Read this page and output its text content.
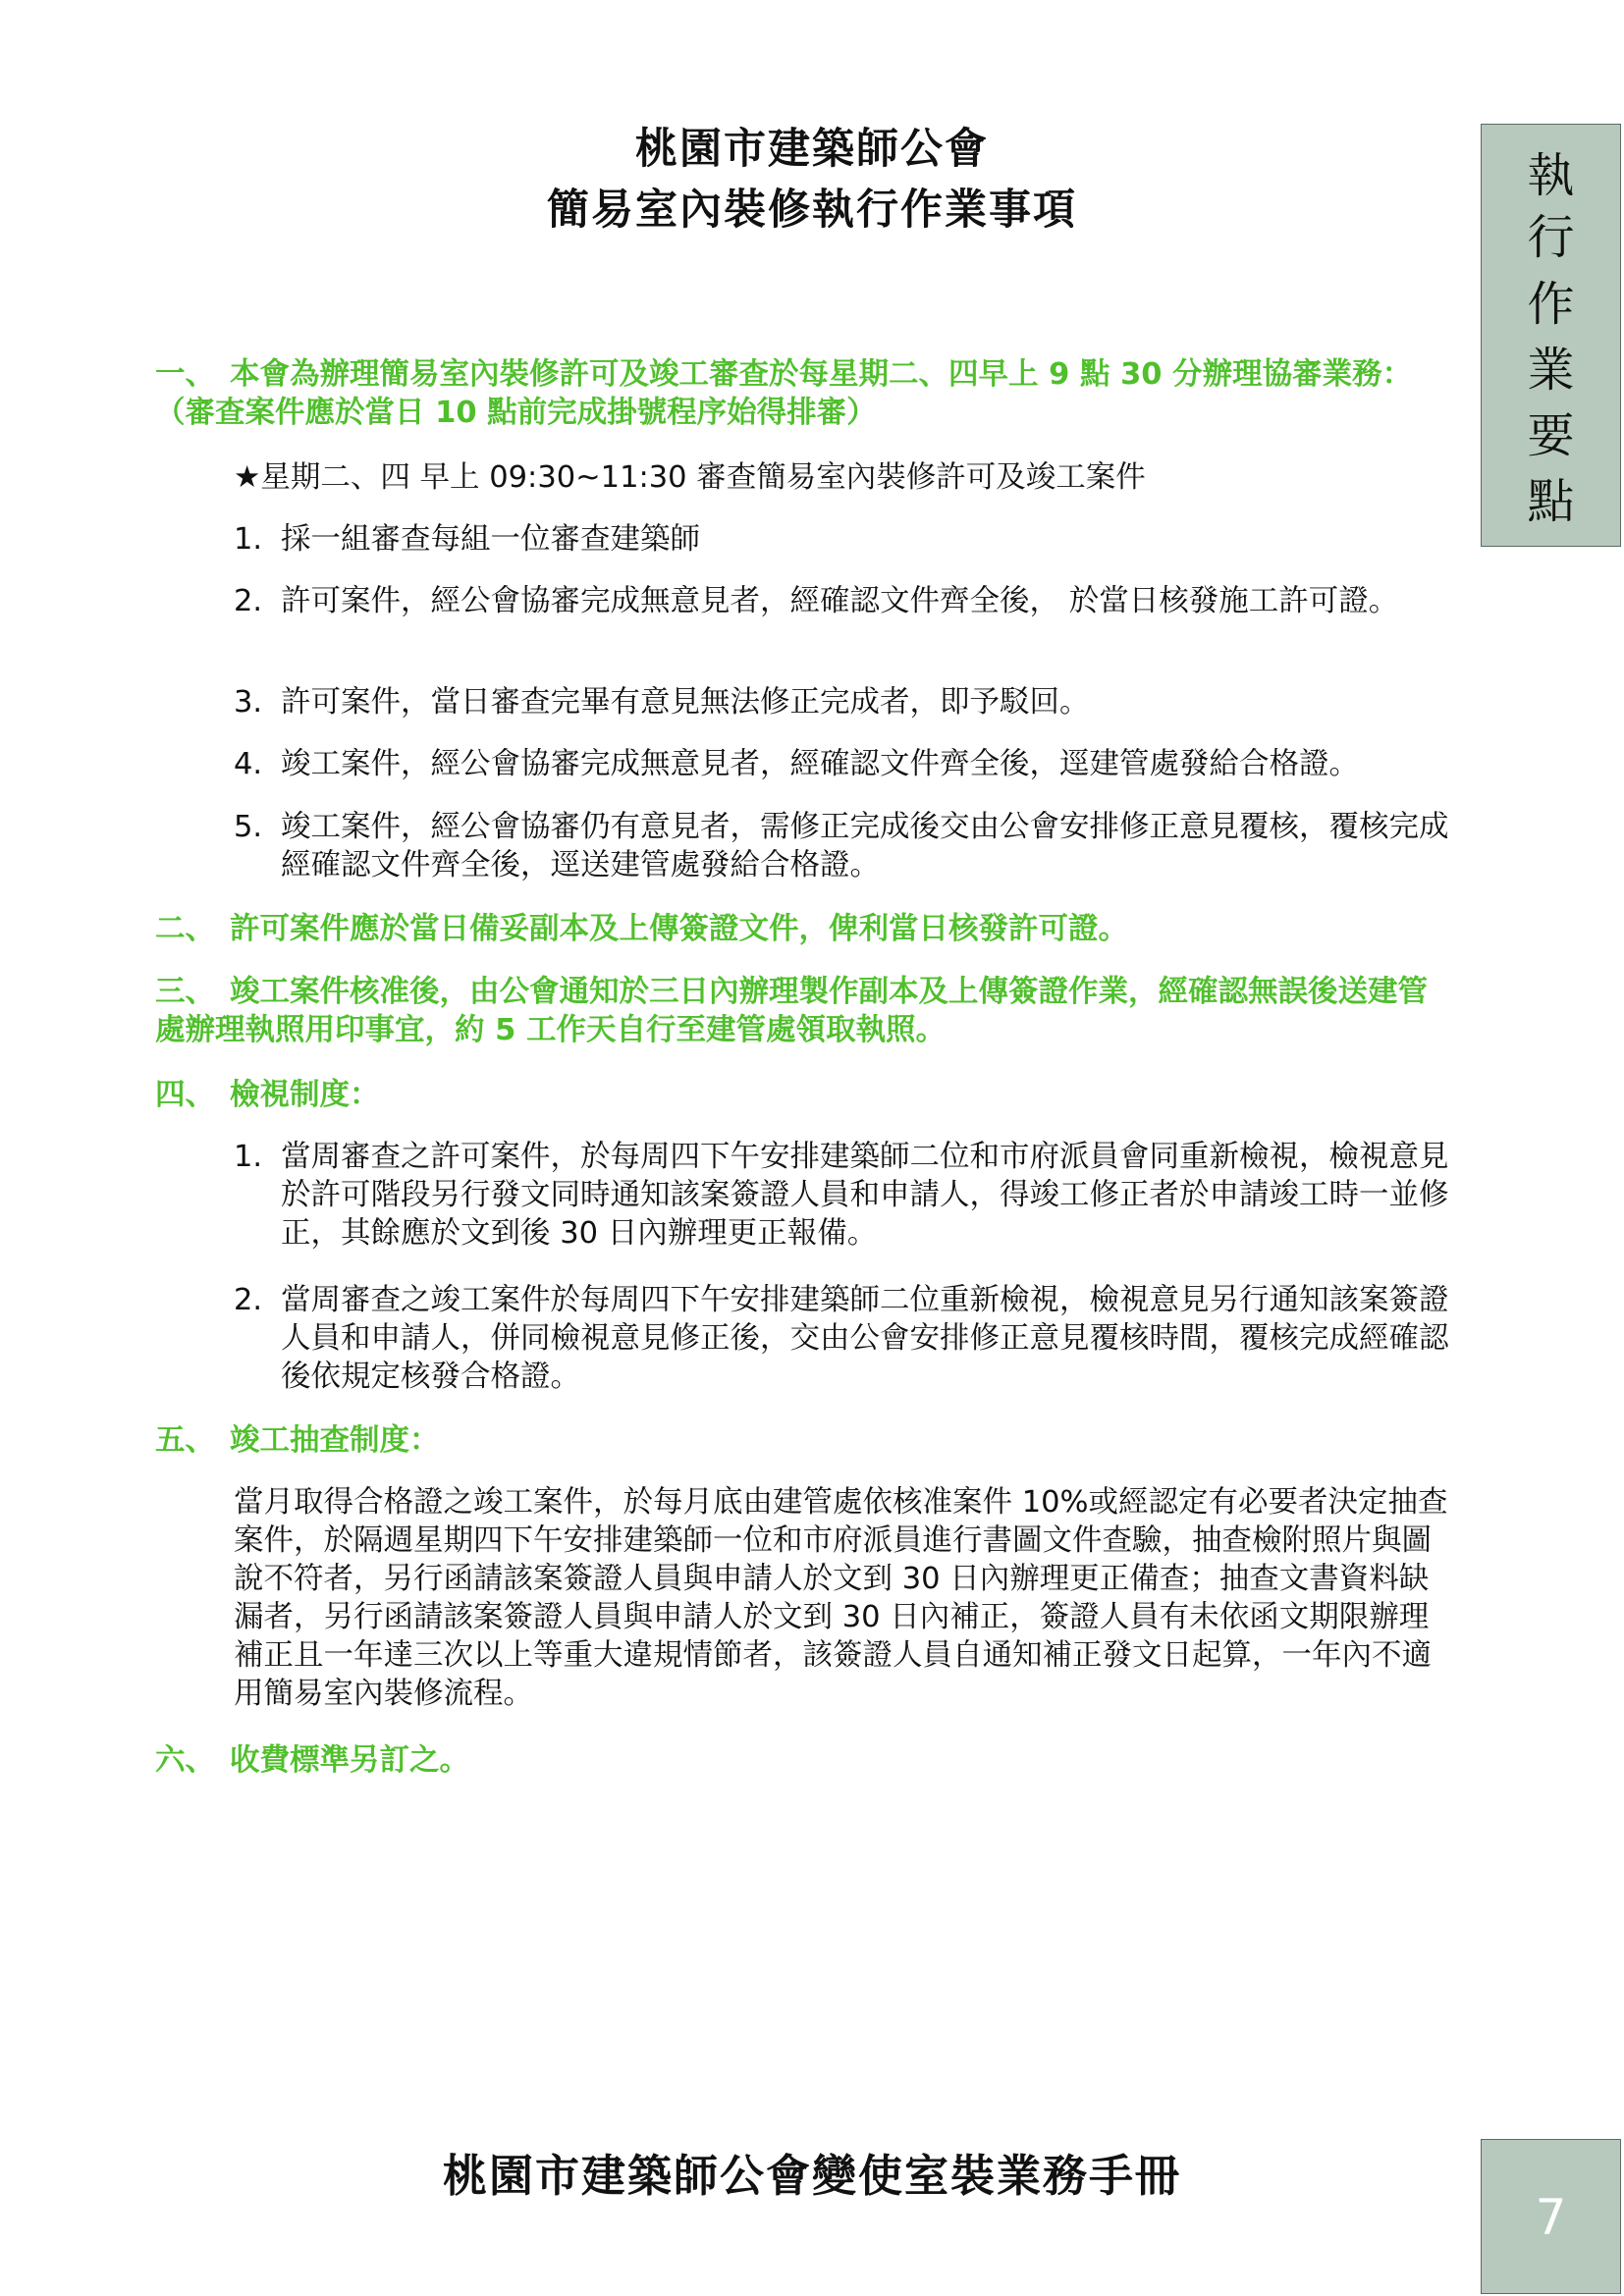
桃園市建築師公會
簡易室內裝修執行作業事項
執
行
作
業
要
點
一、 本會為辦理簡易室內裝修許可及竣工審查於每星期二、四早上 9 點 30 分辦理協審業務：（審查案件應於當日 10 點前完成掛號程序始得排審）
★星期二、四 早上 09:30~11:30 審查簡易室內裝修許可及竣工案件
1. 採一組審查每組一位審查建築師
2. 許可案件，經公會協審完成無意見者，經確認文件齊全後， 於當日核發施工許可證。
3. 許可案件，當日審查完畢有意見無法修正完成者，即予駁回。
4. 竣工案件，經公會協審完成無意見者，經確認文件齊全後，逕建管處發給合格證。
5. 竣工案件，經公會協審仍有意見者，需修正完成後交由公會安排修正意見覆核，覆核完成經確認文件齊全後，逕送建管處發給合格證。
二、 許可案件應於當日備妥副本及上傳簽證文件，俾利當日核發許可證。
三、 竣工案件核准後，由公會通知於三日內辦理製作副本及上傳簽證作業，經確認無誤後送建管處辦理執照用印事宜，約 5 工作天自行至建管處領取執照。
四、 檢視制度：
1. 當周審查之許可案件，於每周四下午安排建築師二位和市府派員會同重新檢視，檢視意見於許可階段另行發文同時通知該案簽證人員和申請人，得竣工修正者於申請竣工時一並修正，其餘應於文到後 30 日內辦理更正報備。
2. 當周審查之竣工案件於每周四下午安排建築師二位重新檢視，檢視意見另行通知該案簽證人員和申請人，併同檢視意見修正後，交由公會安排修正意見覆核時間，覆核完成經確認後依規定核發合格證。
五、 竣工抽查制度：
當月取得合格證之竣工案件，於每月底由建管處依核准案件 10%或經認定有必要者決定抽查案件，於隔週星期四下午安排建築師一位和市府派員進行書圖文件查驗，抽查檢附照片與圖說不符者，另行函請該案簽證人員與申請人於文到 30 日內辦理更正備查；抽查文書資料缺漏者，另行函請該案簽證人員與申請人於文到 30 日內補正，簽證人員有未依函文期限辦理補正且一年達三次以上等重大違規情節者，該簽證人員自通知補正發文日起算，一年內不適用簡易室內裝修流程。
六、 收費標準另訂之。
桃園市建築師公會變使室裝業務手冊
7
